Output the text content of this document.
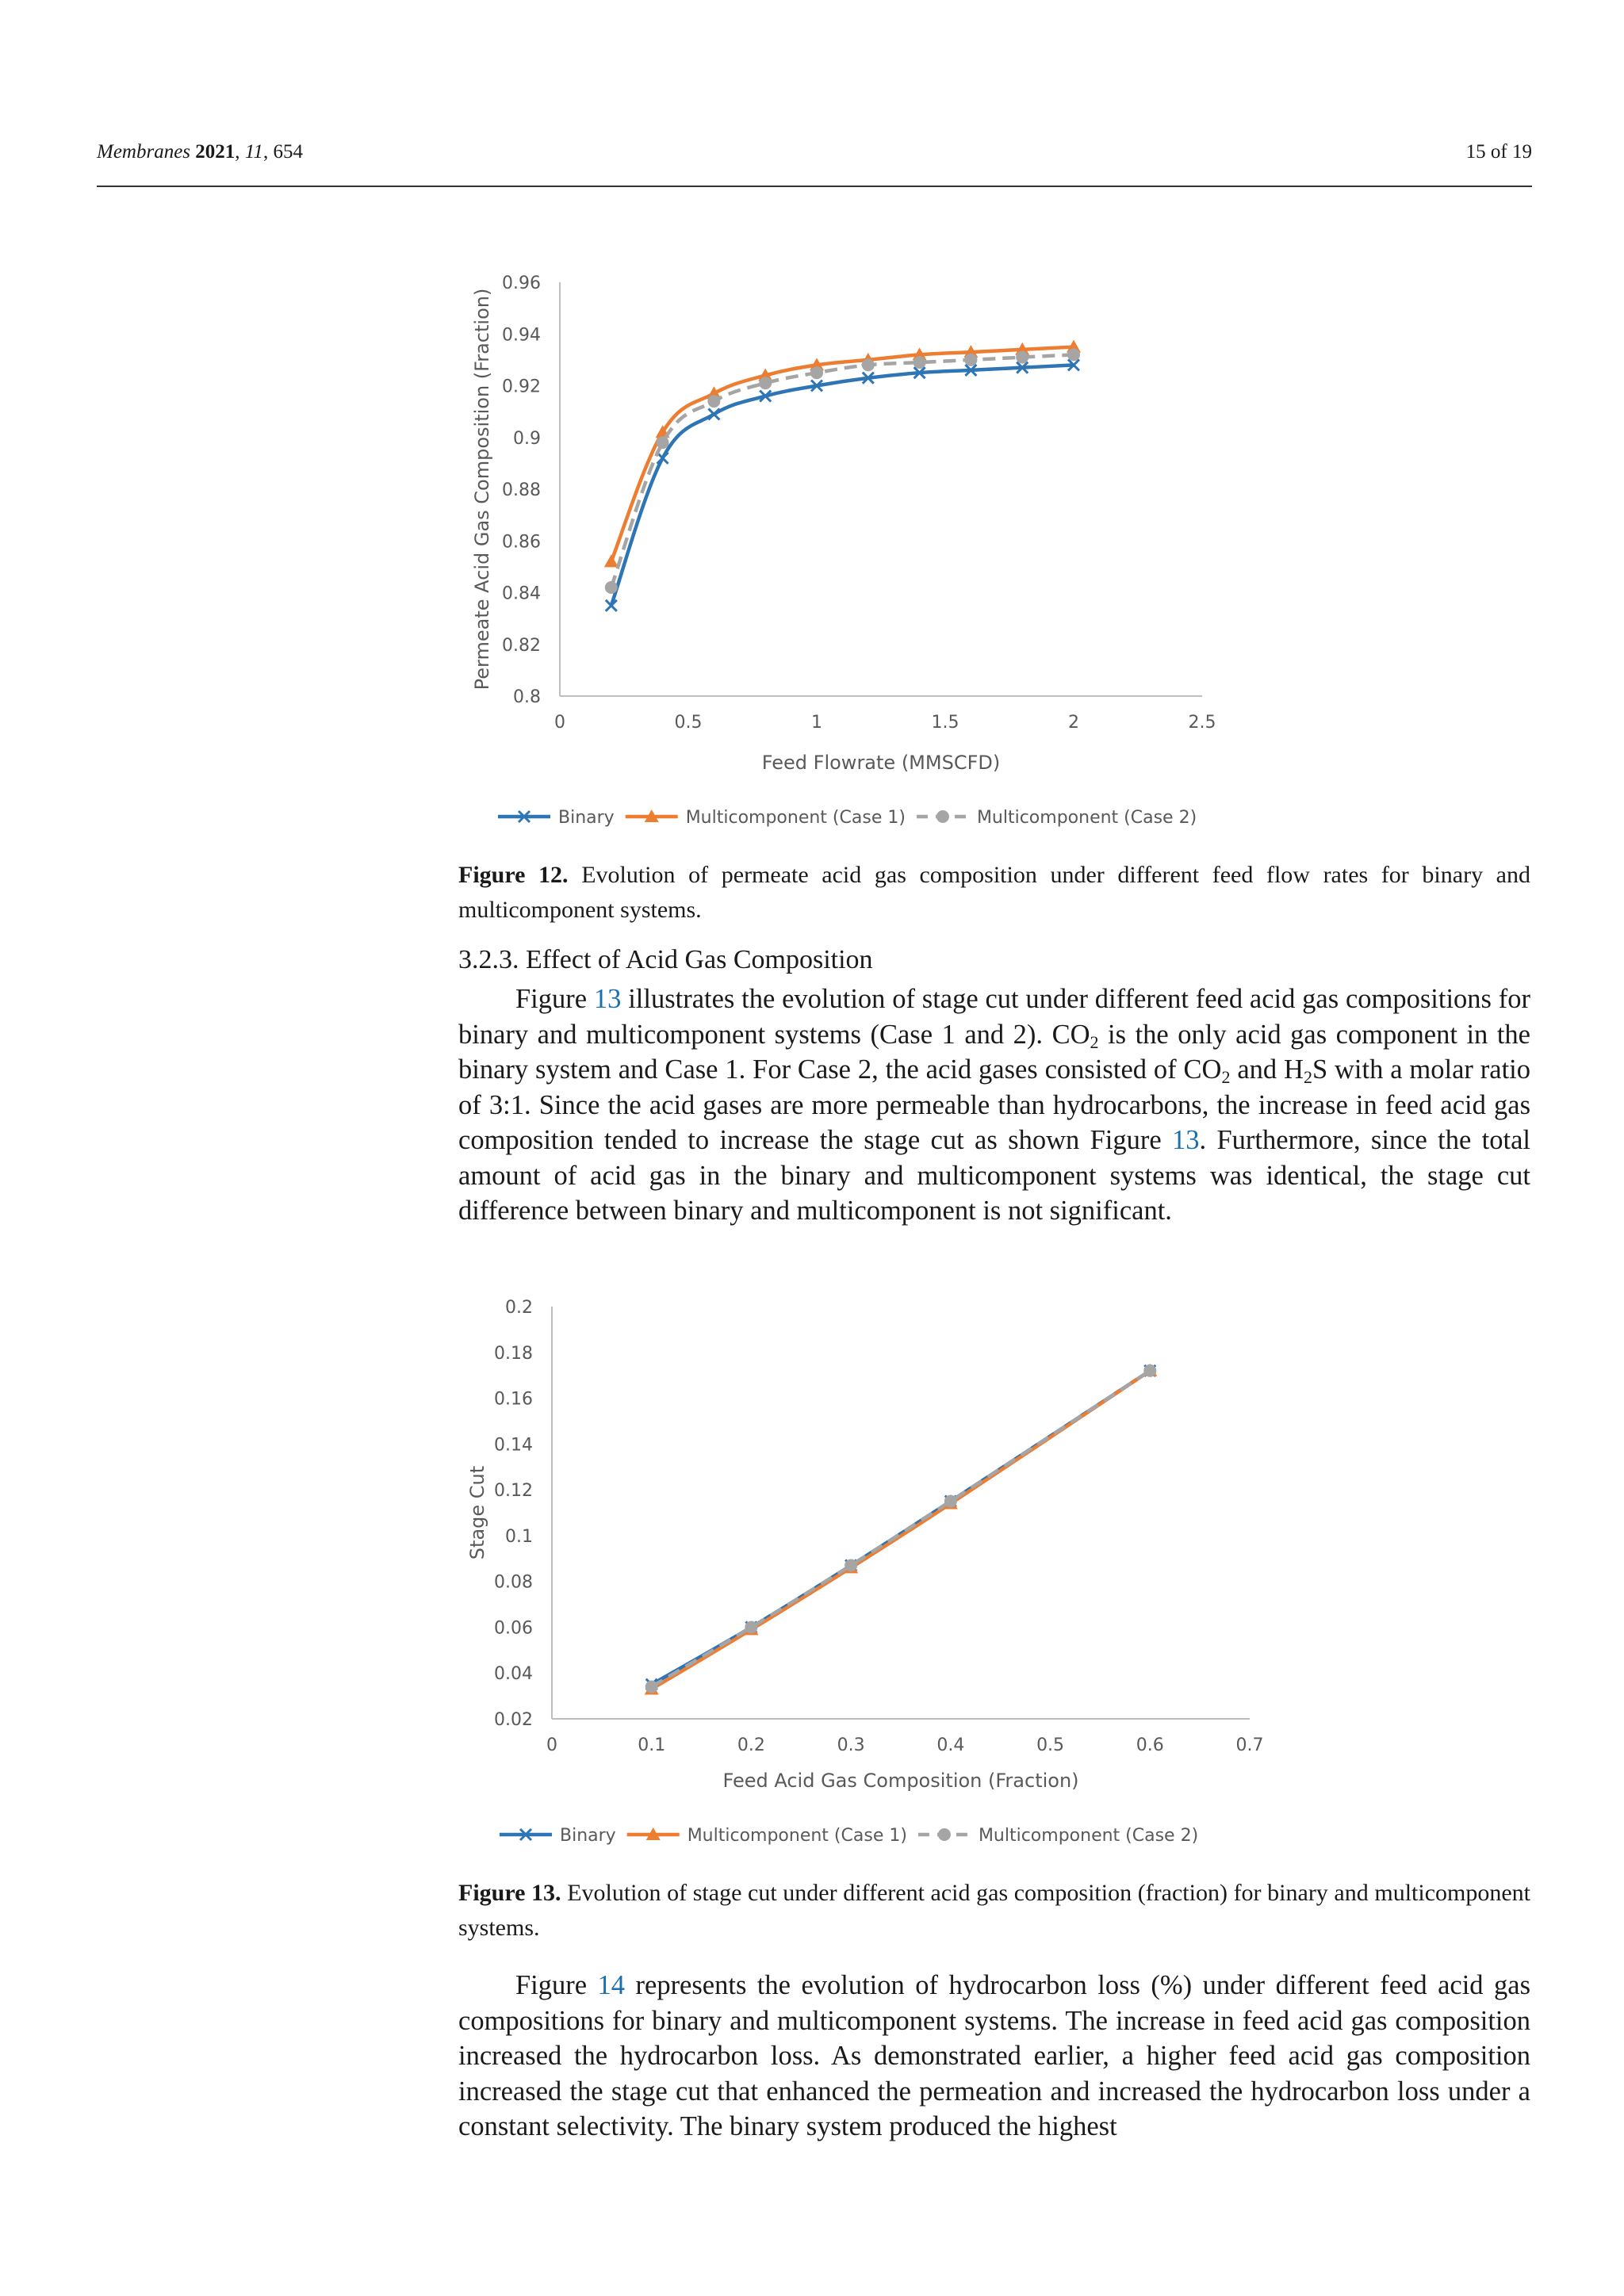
Membranes 2021, 11, 654	15 of 19
0.8
0.82
0.84
0.86
0.88
0.9
0.92
0.94
0.96
0	0.5	1	1.5	2	2.5
Feed Flowrate (MMSCFD)
Permeate Acid Gas Composition (Fraction)
Binary	Multicomponent (Case 1)	Multicomponent (Case 2)
Figure 12. Evolution of permeate acid gas composition under different feed flow rates for binary and multicomponent systems.
3.2.3. Effect of Acid Gas Composition
Figure 13 illustrates the evolution of stage cut under different feed acid gas compositions for binary and multicomponent systems (Case 1 and 2). $CO_2$ is the only acid gas component in the binary system and Case 1. For Case 2, the acid gases consisted of $CO_2$ and $H_2S$ with a molar ratio of 3:1. Since the acid gases are more permeable than hydrocarbons, the increase in feed acid gas composition tended to increase the stage cut as shown Figure 13. Furthermore, since the total amount of acid gas in the binary and multicomponent systems was identical, the stage cut difference between binary and multicomponent is not significant.
0.02
0.04
0.06
0.08
0.1
0.12
0.14
0.16
0.18
0.2
0	0.1	0.2	0.3	0.4	0.5	0.6	0.7
Feed Acid Gas Composition (Fraction)
Stage Cut
Binary	Multicomponent (Case 1)	Multicomponent (Case 2)
Figure 13. Evolution of stage cut under different acid gas composition (fraction) for binary and multicomponent systems.
Figure 14 represents the evolution of hydrocarbon loss (%) under different feed acid gas compositions for binary and multicomponent systems. The increase in feed acid gas composition increased the hydrocarbon loss. As demonstrated earlier, a higher feed acid gas composition increased the stage cut that enhanced the permeation and increased the hydrocarbon loss under a constant selectivity. The binary system produced the highest
